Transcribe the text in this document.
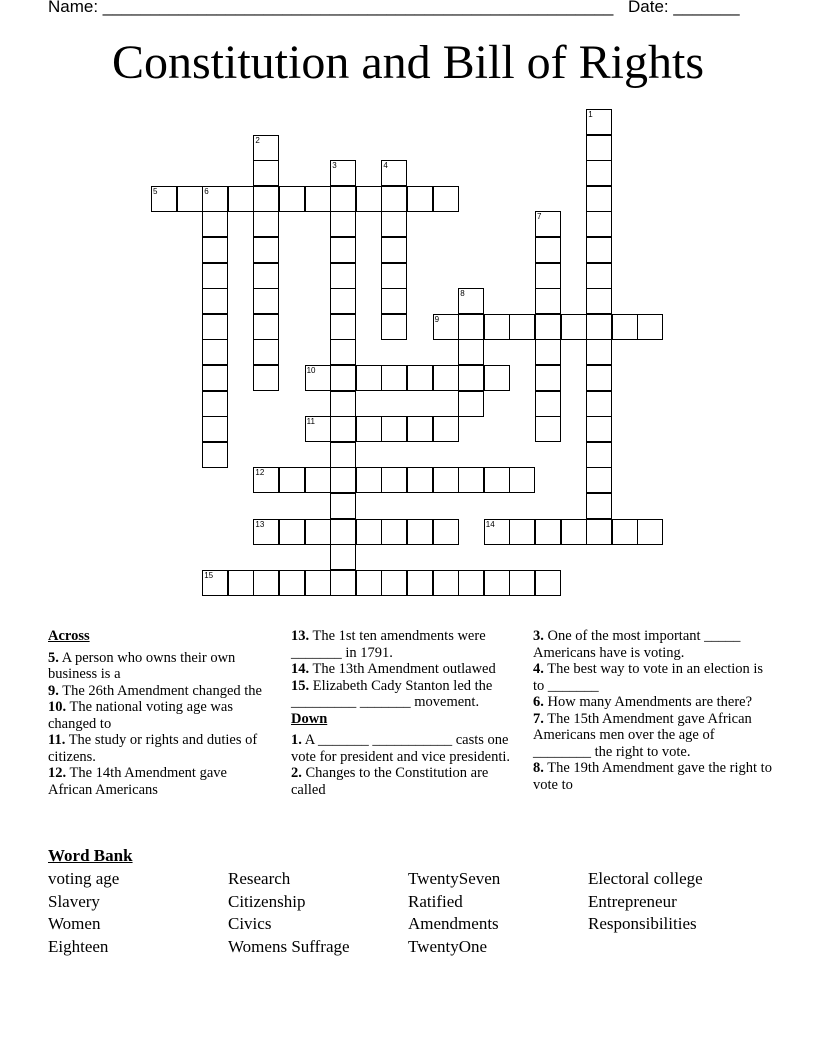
Name: ______________________________________________________ Date: _______
Constitution and Bill of Rights
1
2
3	4
5	6
7
8
9
10
11
12
13	14
15
Across
5. A person who owns their own business is a
9. The 26th Amendment changed the
10. The national voting age was changed to
11. The study or rights and duties of citizens.
12. The 14th Amendment gave African Americans
13. The 1st ten amendments were _______ in 1791.
14. The 13th Amendment outlawed
15. Elizabeth Cady Stanton led the _________ _______ movement.
Down
1. A _______ ___________ casts one vote for president and vice presidenti.
2. Changes to the Constitution are called
3. One of the most important _____ Americans have is voting.
4. The best way to vote in an election is to _______
6. How many Amendments are there?
7. The 15th Amendment gave African Americans men over the age of ________ the right to vote.
8. The 19th Amendment gave the right to vote to
Word Bank
voting age	Research	TwentySeven	Electoral college
Slavery	Citizenship	Ratified	Entrepreneur
Women	Civics	Amendments	Responsibilities
Eighteen	Womens Suffrage	TwentyOne
